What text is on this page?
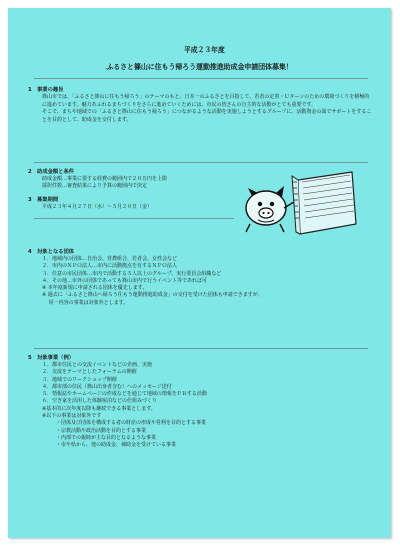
・・・・・・・・・・・・
・・・・・・・・・・
・・・・・・・・・・・・
・・・・・・・・・
平成２３年度
ふるさと篠山に住もう帰ろう運動推進助成金申請団体募集！
1　事業の趣旨
篠山市では、「ふるさと篠山に住もう帰ろう」のテーマのもと、日本一のふるさとを目指して、若者の定着・Ｕターンのための環境づくりを積極的に進めています。魅力あふれるまちづくりをさらに進めていくためには、市民の皆さんの自主的な活動がとても重要です。
そこで、まちや地域での「ふるさと篠山に住もう帰ろう」につながるような活動を実施しようとするグループに、活動資金の面でサポートをすることを目的として、助成金を交付します。
2　助成金額と条件
助成金額…事業に要する経費の範囲内で２０万円を上限
採択件数…審査結果により予算の範囲内で決定
3　募集期間
平成２３年４月２７日（水）～５月２０日（金）
4　対象となる団体
１．地域内の団体…自治会、営農組合、若者会、女性会など
２．市内のＮＰＯ法人…市内に活動拠点を有するＮＰＯ法人
３．任意の市民団体…市内で活動する５人以上のグループ、実行委員会組織など
４．その他…市外の団体であっても篠山市内で行うイベント等であれば可
※ 本年度新規に申請される団体を優先します。
※ 過去に「ふるさと篠山へ帰ろう住もう運動推進助成金」の交付を受けた団体も申請できますが、
　 同一内容の事業は対象外とします。
5　対象事業（例）
１．都市住民との交流イベントなどの企画、実施
２．交流をテーマとしたフォーラムの開催
３．地域でのワークショップ開催
４．都市部の住民（篠山出身者含む）へのメッセージ送付
５．情報誌やホームページの作成などを通じて地域の情報をＰＲする活動
６．空き家を活用した体験宿泊などの仕組みづくり
※基本的に次年度以降も継続できる事業とします。
※以下の事業は対象外です
・団体及び団体を構成する者の財産の形成や営利を目的とする事業
・宗教活動や政治活動を目的とする事業
・内部での親睦が主な目的となるような事業
・市や県から、他の助成金、補助金を受けている事業
